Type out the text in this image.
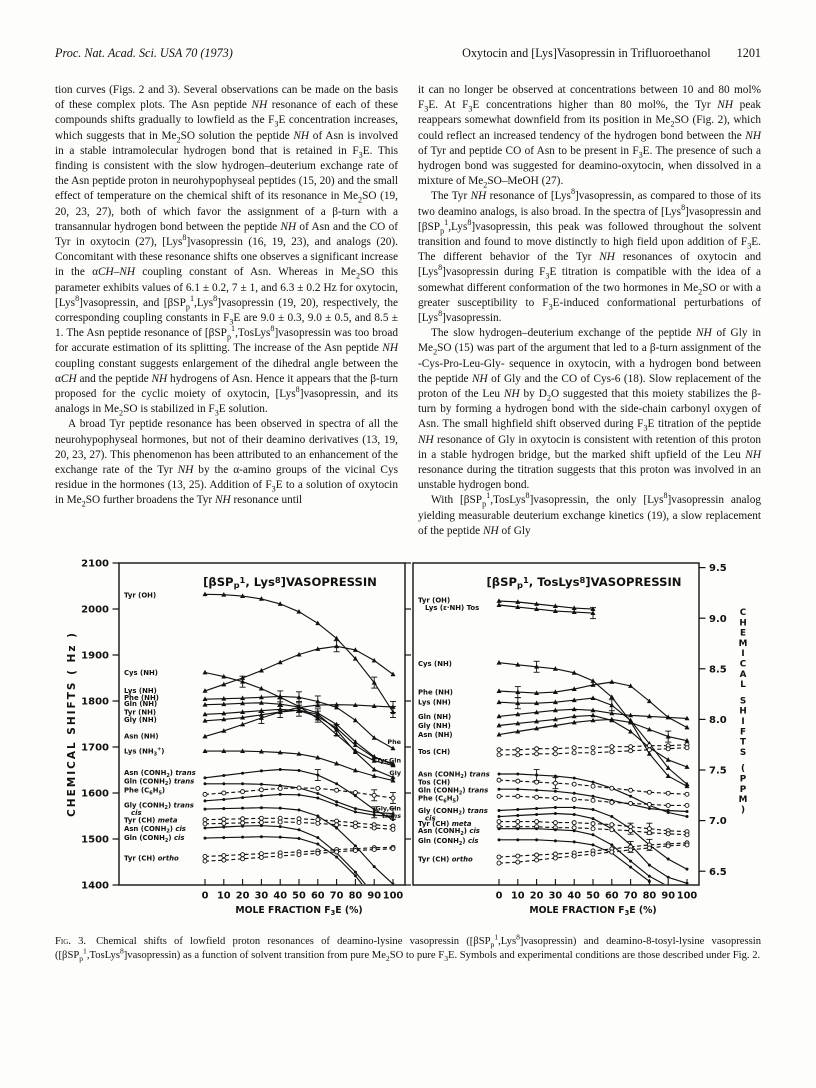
Proc. Nat. Acad. Sci. USA 70 (1973)	Oxytocin and [Lys]Vasopressin in Trifluoroethanol 1201

tion curves (Figs. 2 and 3). Several observations can be made on the basis of these complex plots. The Asn peptide NH resonance of each of these compounds shifts gradually to lowfield as the $F_3E$ concentration increases, which suggests that in $Me_2SO$ solution the peptide NH of Asn is involved in a stable intramolecular hydrogen bond that is retained in $F_3E$. This finding is consistent with the slow hydrogen–deuterium exchange rate of the Asn peptide proton in neurohypophyseal peptides (15, 20) and the small effect of temperature on the chemical shift of its resonance in $Me_2SO$ (19, 20, 23, 27), both of which favor the assignment of a β-turn with a transannular hydrogen bond between the peptide NH of Asn and the CO of Tyr in oxytocin (27), [Lys$^8$]vasopressin (16, 19, 23), and analogs (20). Concomitant with these resonance shifts one observes a significant increase in the αCH–NH coupling constant of Asn. Whereas in $Me_2SO$ this parameter exhibits values of 6.1 ± 0.2, 7 ± 1, and 6.3 ± 0.2 Hz for oxytocin, [Lys$^8$]vasopressin, and [βSP$_p^1$,Lys$^8$]vasopressin (19, 20), respectively, the corresponding coupling constants in $F_3E$ are 9.0 ± 0.3, 9.0 ± 0.5, and 8.5 ± 1. The Asn peptide resonance of [βSP$_p^1$,TosLys$^8$]vasopressin was too broad for accurate estimation of its splitting. The increase of the Asn peptide NH coupling constant suggests enlargement of the dihedral angle between the αCH and the peptide NH hydrogens of Asn. Hence it appears that the β-turn proposed for the cyclic moiety of oxytocin, [Lys$^8$]vasopressin, and its analogs in $Me_2SO$ is stabilized in $F_3E$ solution.

A broad Tyr peptide resonance has been observed in spectra of all the neurohypophyseal hormones, but not of their deamino derivatives (13, 19, 20, 23, 27). This phenomenon has been attributed to an enhancement of the exchange rate of the Tyr NH by the α-amino groups of the vicinal Cys residue in the hormones (13, 25). Addition of $F_3E$ to a solution of oxytocin in $Me_2SO$ further broadens the Tyr NH resonance until

it can no longer be observed at concentrations between 10 and 80 mol% $F_3E$. At $F_3E$ concentrations higher than 80 mol%, the Tyr NH peak reappears somewhat downfield from its position in $Me_2SO$ (Fig. 2), which could reflect an increased tendency of the hydrogen bond between the NH of Tyr and peptide CO of Asn to be present in $F_3E$. The presence of such a hydrogen bond was suggested for deamino-oxytocin, when dissolved in a mixture of $Me_2SO$–MeOH (27).

The Tyr NH resonance of [Lys$^8$]vasopressin, as compared to those of its two deamino analogs, is also broad. In the spectra of [Lys$^8$]vasopressin and [βSP$_p^1$,Lys$^8$]vasopressin, this peak was followed throughout the solvent transition and found to move distinctly to high field upon addition of $F_3E$. The different behavior of the Tyr NH resonances of oxytocin and [Lys$^8$]vasopressin during $F_3E$ titration is compatible with the idea of a somewhat different conformation of the two hormones in $Me_2SO$ or with a greater susceptibility to $F_3E$-induced conformational perturbations of [Lys$^8$]vasopressin.

The slow hydrogen–deuterium exchange of the peptide NH of Gly in $Me_2SO$ (15) was part of the argument that led to a β-turn assignment of the -Cys-Pro-Leu-Gly- sequence in oxytocin, with a hydrogen bond between the peptide NH of Gly and the CO of Cys-6 (18). Slow replacement of the proton of the Leu NH by $D_2O$ suggested that this moiety stabilizes the β-turn by forming a hydrogen bond with the side-chain carbonyl oxygen of Asn. The small highfield shift observed during $F_3E$ titration of the peptide NH resonance of Gly in oxytocin is consistent with retention of this proton in a stable hydrogen bridge, but the marked shift upfield of the Leu NH resonance during the titration suggests that this proton was involved in an unstable hydrogen bond.

With [βSP$_p^1$,TosLys$^8$]vasopressin, the only [Lys$^8$]vasopressin analog yielding measurable deuterium exchange kinetics (19), a slow replacement of the peptide NH of Gly

2100
2000
1900
1800
1700
1600
1500
1400
CHEMICAL SHIFTS ( Hz )
9.5
9.0
8.5
8.0
7.5
7.0
6.5
C
H
E
M
I
C
A
L
S
H
I
F
T
S
(
P
P
M
)
[βSPp$^1$, Lys$^8$]VASOPRESSIN
0 10 20 30 40 50 60 70 80 90 100
MOLE FRACTION F3E (%)
Tyr (OH)
Cys (NH)
Lys (NH)
Phe (NH)
Gln (NH)
Tyr (NH)
Gly (NH)
Asn (NH)
Lys $(NH_3^+)$
Asn $(CONH_2)$ trans
Gln $(CONH_2)$ trans
Phe $(C_6H_5)$
Gly $(CONH_2)$ trans cis
Tyr (CH) meta
Asn $(CONH_2)$ cis
Gln $(CONH_2)$ cis
Tyr (CH) ortho
Phe
Tyr,Gln
Gly
Gly,Gln trans
[βSPp$^1$, TosLys$^8$]VASOPRESSIN
0 10 20 30 40 50 60 70 80 90 100
MOLE FRACTION F3E (%)
Tyr (OH) Lys (ε·NH) Tos
Cys (NH)
Phe (NH)
Lys (NH)
Gln (NH)
Gly (NH)
Asn (NH)
Tos (CH)
Asn $(CONH_2)$ trans
Tos (CH)
Gln $(CONH_2)$ trans
Phe $(C_6H_5)$
Gly $(CONH_2)$ trans cis
Tyr (CH) meta
Asn $(CONH_2)$ cis
Gln $(CONH_2)$ cis
Tyr (CH) ortho
Fig. 3. Chemical shifts of lowfield proton resonances of deamino-lysine vasopressin ([βSP$_p^1$,Lys$^8$]vasopressin) and deamino-8-tosyl-lysine vasopressin ([βSP$_p^1$,TosLys$^8$]vasopressin) as a function of solvent transition from pure $Me_2SO$ to pure $F_3E$. Symbols and experimental conditions are those described under Fig. 2.
